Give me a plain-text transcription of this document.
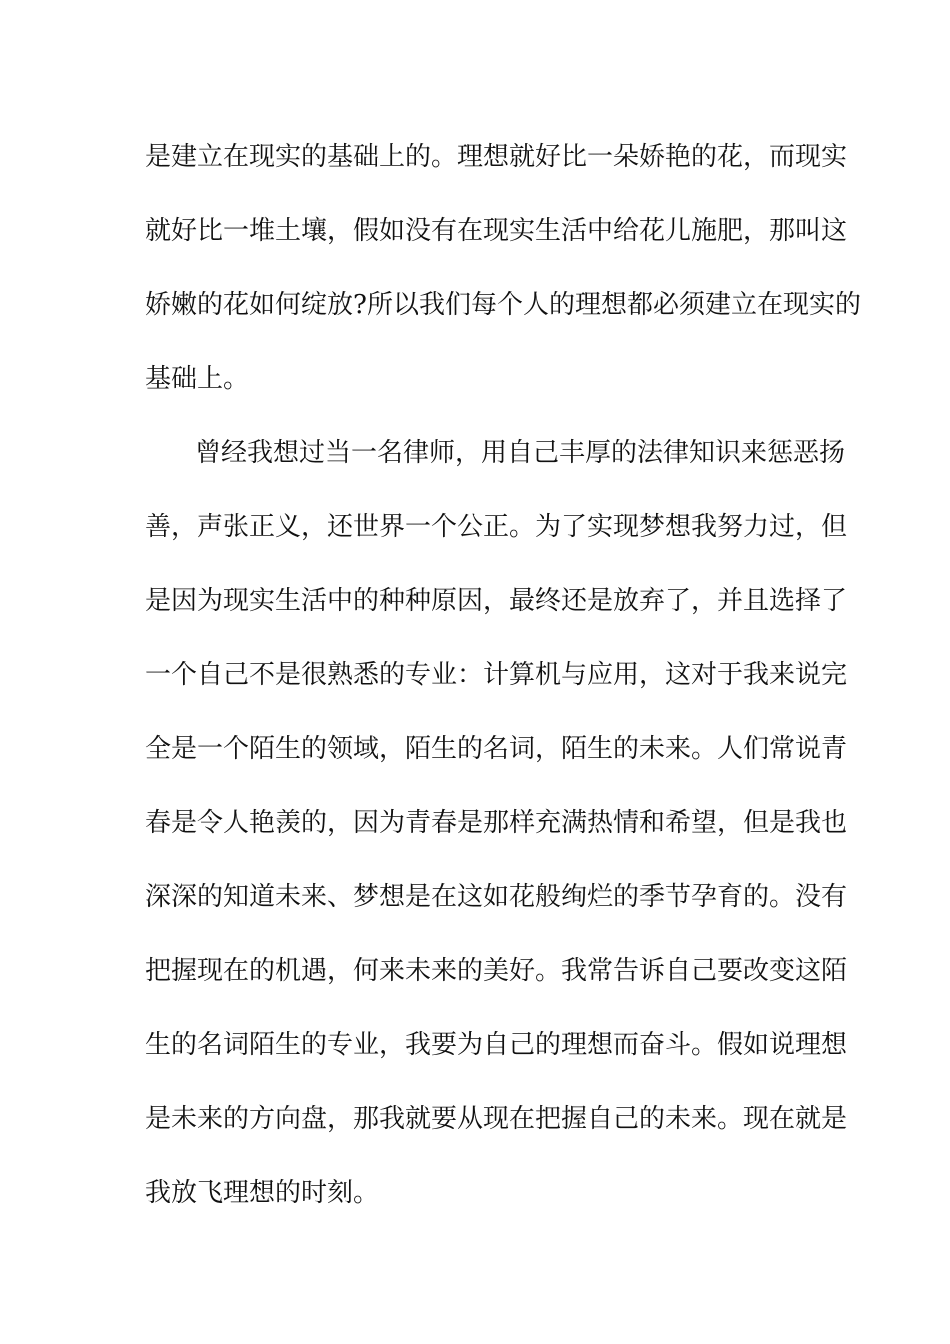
是建立在现实的基础上的。理想就好比一朵娇艳的花，而现实
就好比一堆土壤，假如没有在现实生活中给花儿施肥，那叫这
娇嫩的花如何绽放?所以我们每个人的理想都必须建立在现实的
基础上。
曾经我想过当一名律师，用自己丰厚的法律知识来惩恶扬
善，声张正义，还世界一个公正。为了实现梦想我努力过，但
是因为现实生活中的种种原因，最终还是放弃了，并且选择了
一个自己不是很熟悉的专业：计算机与应用，这对于我来说完
全是一个陌生的领域，陌生的名词，陌生的未来。人们常说青
春是令人艳羡的，因为青春是那样充满热情和希望，但是我也
深深的知道未来、梦想是在这如花般绚烂的季节孕育的。没有
把握现在的机遇，何来未来的美好。我常告诉自己要改变这陌
生的名词陌生的专业，我要为自己的理想而奋斗。假如说理想
是未来的方向盘，那我就要从现在把握自己的未来。现在就是
我放飞理想的时刻。
